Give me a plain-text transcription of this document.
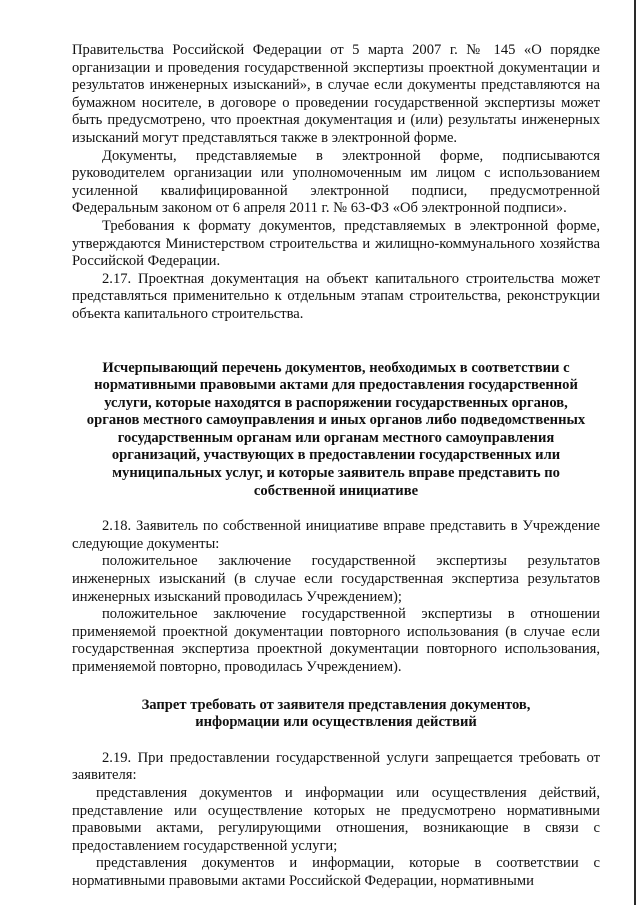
Правительства Российской Федерации от 5 марта 2007 г. № 145 «О порядке организации и проведения государственной экспертизы проектной документации и результатов инженерных изысканий», в случае если документы представляются на бумажном носителе, в договоре о проведении государственной экспертизы может быть предусмотрено, что проектная документация и (или) результаты инженерных изысканий могут представляться также в электронной форме.

Документы, представляемые в электронной форме, подписываются руководителем организации или уполномоченным им лицом с использованием усиленной квалифицированной электронной подписи, предусмотренной Федеральным законом от 6 апреля 2011 г. № 63-ФЗ «Об электронной подписи».

Требования к формату документов, представляемых в электронной форме, утверждаются Министерством строительства и жилищно-коммунального хозяйства Российской Федерации.

2.17. Проектная документация на объект капитального строительства может представляться применительно к отдельным этапам строительства, реконструкции объекта капитального строительства.

Исчерпывающий перечень документов, необходимых в соответствии с нормативными правовыми актами для предоставления государственной услуги, которые находятся в распоряжении государственных органов, органов местного самоуправления и иных органов либо подведомственных государственным органам или органам местного самоуправления организаций, участвующих в предоставлении государственных или муниципальных услуг, и которые заявитель вправе представить по собственной инициативе

2.18. Заявитель по собственной инициативе вправе представить в Учреждение следующие документы:

положительное заключение государственной экспертизы результатов инженерных изысканий (в случае если государственная экспертиза результатов инженерных изысканий проводилась Учреждением);

положительное заключение государственной экспертизы в отношении применяемой проектной документации повторного использования (в случае если государственная экспертиза проектной документации повторного использования, применяемой повторно, проводилась Учреждением).

Запрет требовать от заявителя представления документов, информации или осуществления действий

2.19. При предоставлении государственной услуги запрещается требовать от заявителя:

представления документов и информации или осуществления действий, представление или осуществление которых не предусмотрено нормативными правовыми актами, регулирующими отношения, возникающие в связи с предоставлением государственной услуги;

представления документов и информации, которые в соответствии с нормативными правовыми актами Российской Федерации, нормативными
